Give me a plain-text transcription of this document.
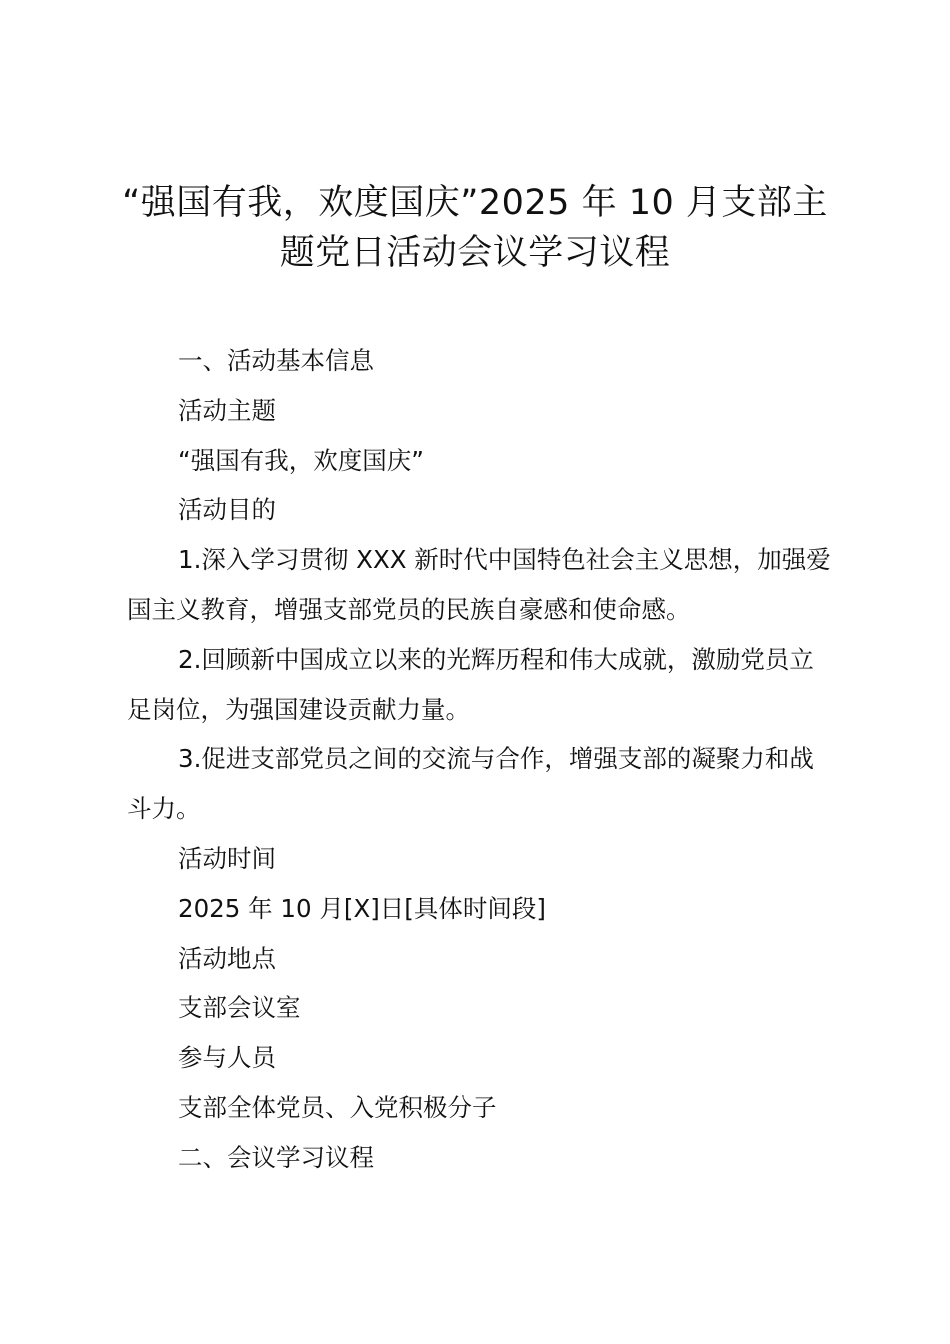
“强国有我，欢度国庆”2025 年 10 月支部主
题党日活动会议学习议程

一、活动基本信息

活动主题

“强国有我，欢度国庆”

活动目的

1.深入学习贯彻 XXX 新时代中国特色社会主义思想，加强爱国主义教育，增强支部党员的民族自豪感和使命感。

2.回顾新中国成立以来的光辉历程和伟大成就，激励党员立足岗位，为强国建设贡献力量。

3.促进支部党员之间的交流与合作，增强支部的凝聚力和战斗力。

活动时间

2025 年 10 月[X]日[具体时间段]

活动地点

支部会议室

参与人员

支部全体党员、入党积极分子

二、会议学习议程
